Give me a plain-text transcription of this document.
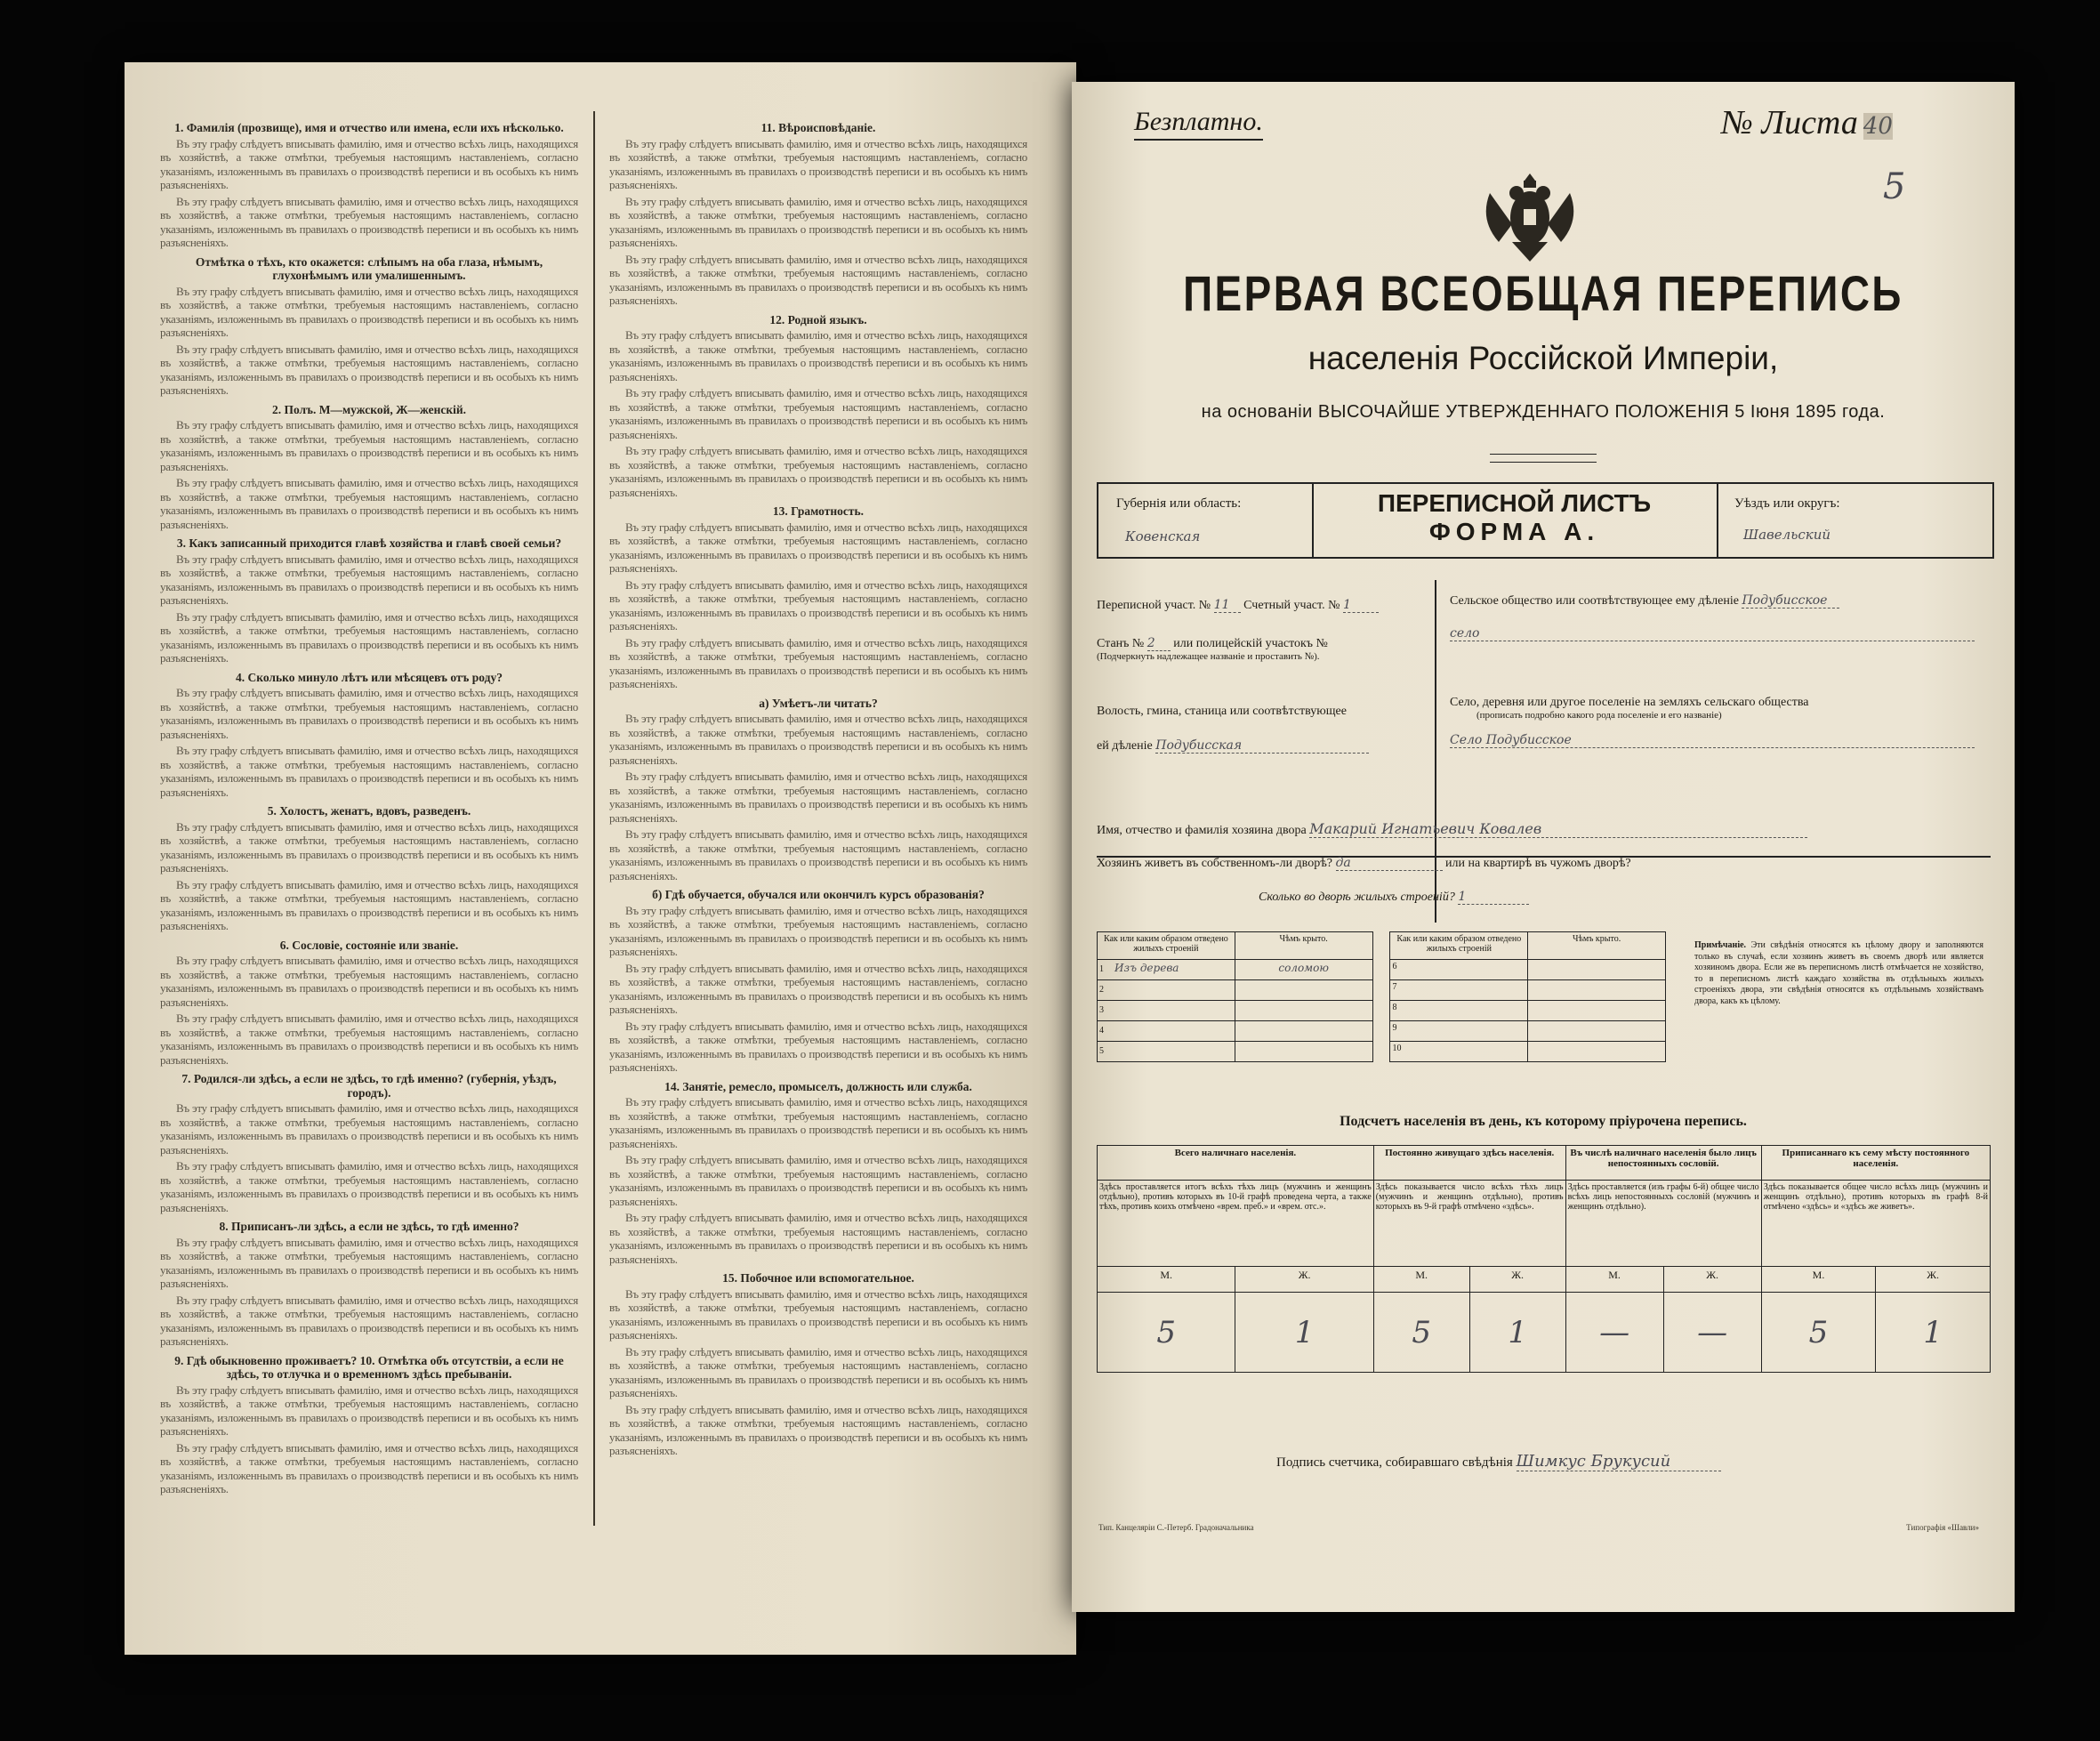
1. Фамилія (прозвище), имя и отчество или имена, если ихъ нѣсколько.
Въ эту графу слѣдуетъ вписывать фамилію, имя и отчество всѣхъ лицъ, находящихся въ хозяйствѣ, а также отмѣтки, требуемыя настоящимъ наставленіемъ, согласно указаніямъ, изложеннымъ въ правилахъ о производствѣ переписи и въ особыхъ къ нимъ разъясненіяхъ.
Въ эту графу слѣдуетъ вписывать фамилію, имя и отчество всѣхъ лицъ, находящихся въ хозяйствѣ, а также отмѣтки, требуемыя настоящимъ наставленіемъ, согласно указаніямъ, изложеннымъ въ правилахъ о производствѣ переписи и въ особыхъ къ нимъ разъясненіяхъ.
Отмѣтка о тѣхъ, кто окажется: слѣпымъ на оба глаза, нѣмымъ, глухонѣмымъ или умалишеннымъ.
Въ эту графу слѣдуетъ вписывать фамилію, имя и отчество всѣхъ лицъ, находящихся въ хозяйствѣ, а также отмѣтки, требуемыя настоящимъ наставленіемъ, согласно указаніямъ, изложеннымъ въ правилахъ о производствѣ переписи и въ особыхъ къ нимъ разъясненіяхъ.
Въ эту графу слѣдуетъ вписывать фамилію, имя и отчество всѣхъ лицъ, находящихся въ хозяйствѣ, а также отмѣтки, требуемыя настоящимъ наставленіемъ, согласно указаніямъ, изложеннымъ въ правилахъ о производствѣ переписи и въ особыхъ къ нимъ разъясненіяхъ.
2. Полъ. М—мужской, Ж—женскій.
Въ эту графу слѣдуетъ вписывать фамилію, имя и отчество всѣхъ лицъ, находящихся въ хозяйствѣ, а также отмѣтки, требуемыя настоящимъ наставленіемъ, согласно указаніямъ, изложеннымъ въ правилахъ о производствѣ переписи и въ особыхъ къ нимъ разъясненіяхъ.
Въ эту графу слѣдуетъ вписывать фамилію, имя и отчество всѣхъ лицъ, находящихся въ хозяйствѣ, а также отмѣтки, требуемыя настоящимъ наставленіемъ, согласно указаніямъ, изложеннымъ въ правилахъ о производствѣ переписи и въ особыхъ къ нимъ разъясненіяхъ.
3. Какъ записанный приходится главѣ хозяйства и главѣ своей семьи?
Въ эту графу слѣдуетъ вписывать фамилію, имя и отчество всѣхъ лицъ, находящихся въ хозяйствѣ, а также отмѣтки, требуемыя настоящимъ наставленіемъ, согласно указаніямъ, изложеннымъ въ правилахъ о производствѣ переписи и въ особыхъ къ нимъ разъясненіяхъ.
Въ эту графу слѣдуетъ вписывать фамилію, имя и отчество всѣхъ лицъ, находящихся въ хозяйствѣ, а также отмѣтки, требуемыя настоящимъ наставленіемъ, согласно указаніямъ, изложеннымъ въ правилахъ о производствѣ переписи и въ особыхъ къ нимъ разъясненіяхъ.
4. Сколько минуло лѣтъ или мѣсяцевъ отъ роду?
Въ эту графу слѣдуетъ вписывать фамилію, имя и отчество всѣхъ лицъ, находящихся въ хозяйствѣ, а также отмѣтки, требуемыя настоящимъ наставленіемъ, согласно указаніямъ, изложеннымъ въ правилахъ о производствѣ переписи и въ особыхъ къ нимъ разъясненіяхъ.
Въ эту графу слѣдуетъ вписывать фамилію, имя и отчество всѣхъ лицъ, находящихся въ хозяйствѣ, а также отмѣтки, требуемыя настоящимъ наставленіемъ, согласно указаніямъ, изложеннымъ въ правилахъ о производствѣ переписи и въ особыхъ къ нимъ разъясненіяхъ.
5. Холостъ, женатъ, вдовъ, разведенъ.
Въ эту графу слѣдуетъ вписывать фамилію, имя и отчество всѣхъ лицъ, находящихся въ хозяйствѣ, а также отмѣтки, требуемыя настоящимъ наставленіемъ, согласно указаніямъ, изложеннымъ въ правилахъ о производствѣ переписи и въ особыхъ къ нимъ разъясненіяхъ.
Въ эту графу слѣдуетъ вписывать фамилію, имя и отчество всѣхъ лицъ, находящихся въ хозяйствѣ, а также отмѣтки, требуемыя настоящимъ наставленіемъ, согласно указаніямъ, изложеннымъ въ правилахъ о производствѣ переписи и въ особыхъ къ нимъ разъясненіяхъ.
6. Сословіе, состояніе или званіе.
Въ эту графу слѣдуетъ вписывать фамилію, имя и отчество всѣхъ лицъ, находящихся въ хозяйствѣ, а также отмѣтки, требуемыя настоящимъ наставленіемъ, согласно указаніямъ, изложеннымъ въ правилахъ о производствѣ переписи и въ особыхъ къ нимъ разъясненіяхъ.
Въ эту графу слѣдуетъ вписывать фамилію, имя и отчество всѣхъ лицъ, находящихся въ хозяйствѣ, а также отмѣтки, требуемыя настоящимъ наставленіемъ, согласно указаніямъ, изложеннымъ въ правилахъ о производствѣ переписи и въ особыхъ къ нимъ разъясненіяхъ.
7. Родился-ли здѣсь, а если не здѣсь, то гдѣ именно? (губернія, уѣздъ, городъ).
Въ эту графу слѣдуетъ вписывать фамилію, имя и отчество всѣхъ лицъ, находящихся въ хозяйствѣ, а также отмѣтки, требуемыя настоящимъ наставленіемъ, согласно указаніямъ, изложеннымъ въ правилахъ о производствѣ переписи и въ особыхъ къ нимъ разъясненіяхъ.
Въ эту графу слѣдуетъ вписывать фамилію, имя и отчество всѣхъ лицъ, находящихся въ хозяйствѣ, а также отмѣтки, требуемыя настоящимъ наставленіемъ, согласно указаніямъ, изложеннымъ въ правилахъ о производствѣ переписи и въ особыхъ къ нимъ разъясненіяхъ.
8. Приписанъ-ли здѣсь, а если не здѣсь, то гдѣ именно?
Въ эту графу слѣдуетъ вписывать фамилію, имя и отчество всѣхъ лицъ, находящихся въ хозяйствѣ, а также отмѣтки, требуемыя настоящимъ наставленіемъ, согласно указаніямъ, изложеннымъ въ правилахъ о производствѣ переписи и въ особыхъ къ нимъ разъясненіяхъ.
Въ эту графу слѣдуетъ вписывать фамилію, имя и отчество всѣхъ лицъ, находящихся въ хозяйствѣ, а также отмѣтки, требуемыя настоящимъ наставленіемъ, согласно указаніямъ, изложеннымъ въ правилахъ о производствѣ переписи и въ особыхъ къ нимъ разъясненіяхъ.
9. Гдѣ обыкновенно проживаетъ? 10. Отмѣтка объ отсутствіи, а если не здѣсь, то отлучка и о временномъ здѣсь пребываніи.
Въ эту графу слѣдуетъ вписывать фамилію, имя и отчество всѣхъ лицъ, находящихся въ хозяйствѣ, а также отмѣтки, требуемыя настоящимъ наставленіемъ, согласно указаніямъ, изложеннымъ въ правилахъ о производствѣ переписи и въ особыхъ къ нимъ разъясненіяхъ.
Въ эту графу слѣдуетъ вписывать фамилію, имя и отчество всѣхъ лицъ, находящихся въ хозяйствѣ, а также отмѣтки, требуемыя настоящимъ наставленіемъ, согласно указаніямъ, изложеннымъ въ правилахъ о производствѣ переписи и въ особыхъ къ нимъ разъясненіяхъ.
11. Вѣроисповѣданіе.
Въ эту графу слѣдуетъ вписывать фамилію, имя и отчество всѣхъ лицъ, находящихся въ хозяйствѣ, а также отмѣтки, требуемыя настоящимъ наставленіемъ, согласно указаніямъ, изложеннымъ въ правилахъ о производствѣ переписи и въ особыхъ къ нимъ разъясненіяхъ.
Въ эту графу слѣдуетъ вписывать фамилію, имя и отчество всѣхъ лицъ, находящихся въ хозяйствѣ, а также отмѣтки, требуемыя настоящимъ наставленіемъ, согласно указаніямъ, изложеннымъ въ правилахъ о производствѣ переписи и въ особыхъ къ нимъ разъясненіяхъ.
Въ эту графу слѣдуетъ вписывать фамилію, имя и отчество всѣхъ лицъ, находящихся въ хозяйствѣ, а также отмѣтки, требуемыя настоящимъ наставленіемъ, согласно указаніямъ, изложеннымъ въ правилахъ о производствѣ переписи и въ особыхъ къ нимъ разъясненіяхъ.
12. Родной языкъ.
Въ эту графу слѣдуетъ вписывать фамилію, имя и отчество всѣхъ лицъ, находящихся въ хозяйствѣ, а также отмѣтки, требуемыя настоящимъ наставленіемъ, согласно указаніямъ, изложеннымъ въ правилахъ о производствѣ переписи и въ особыхъ къ нимъ разъясненіяхъ.
Въ эту графу слѣдуетъ вписывать фамилію, имя и отчество всѣхъ лицъ, находящихся въ хозяйствѣ, а также отмѣтки, требуемыя настоящимъ наставленіемъ, согласно указаніямъ, изложеннымъ въ правилахъ о производствѣ переписи и въ особыхъ къ нимъ разъясненіяхъ.
Въ эту графу слѣдуетъ вписывать фамилію, имя и отчество всѣхъ лицъ, находящихся въ хозяйствѣ, а также отмѣтки, требуемыя настоящимъ наставленіемъ, согласно указаніямъ, изложеннымъ въ правилахъ о производствѣ переписи и въ особыхъ къ нимъ разъясненіяхъ.
13. Грамотность.
Въ эту графу слѣдуетъ вписывать фамилію, имя и отчество всѣхъ лицъ, находящихся въ хозяйствѣ, а также отмѣтки, требуемыя настоящимъ наставленіемъ, согласно указаніямъ, изложеннымъ въ правилахъ о производствѣ переписи и въ особыхъ къ нимъ разъясненіяхъ.
Въ эту графу слѣдуетъ вписывать фамилію, имя и отчество всѣхъ лицъ, находящихся въ хозяйствѣ, а также отмѣтки, требуемыя настоящимъ наставленіемъ, согласно указаніямъ, изложеннымъ въ правилахъ о производствѣ переписи и въ особыхъ къ нимъ разъясненіяхъ.
Въ эту графу слѣдуетъ вписывать фамилію, имя и отчество всѣхъ лицъ, находящихся въ хозяйствѣ, а также отмѣтки, требуемыя настоящимъ наставленіемъ, согласно указаніямъ, изложеннымъ въ правилахъ о производствѣ переписи и въ особыхъ къ нимъ разъясненіяхъ.
а) Умѣетъ-ли читать?
Въ эту графу слѣдуетъ вписывать фамилію, имя и отчество всѣхъ лицъ, находящихся въ хозяйствѣ, а также отмѣтки, требуемыя настоящимъ наставленіемъ, согласно указаніямъ, изложеннымъ въ правилахъ о производствѣ переписи и въ особыхъ къ нимъ разъясненіяхъ.
Въ эту графу слѣдуетъ вписывать фамилію, имя и отчество всѣхъ лицъ, находящихся въ хозяйствѣ, а также отмѣтки, требуемыя настоящимъ наставленіемъ, согласно указаніямъ, изложеннымъ въ правилахъ о производствѣ переписи и въ особыхъ къ нимъ разъясненіяхъ.
Въ эту графу слѣдуетъ вписывать фамилію, имя и отчество всѣхъ лицъ, находящихся въ хозяйствѣ, а также отмѣтки, требуемыя настоящимъ наставленіемъ, согласно указаніямъ, изложеннымъ въ правилахъ о производствѣ переписи и въ особыхъ къ нимъ разъясненіяхъ.
б) Гдѣ обучается, обучался или окончилъ курсъ образованія?
Въ эту графу слѣдуетъ вписывать фамилію, имя и отчество всѣхъ лицъ, находящихся въ хозяйствѣ, а также отмѣтки, требуемыя настоящимъ наставленіемъ, согласно указаніямъ, изложеннымъ въ правилахъ о производствѣ переписи и въ особыхъ къ нимъ разъясненіяхъ.
Въ эту графу слѣдуетъ вписывать фамилію, имя и отчество всѣхъ лицъ, находящихся въ хозяйствѣ, а также отмѣтки, требуемыя настоящимъ наставленіемъ, согласно указаніямъ, изложеннымъ въ правилахъ о производствѣ переписи и въ особыхъ къ нимъ разъясненіяхъ.
Въ эту графу слѣдуетъ вписывать фамилію, имя и отчество всѣхъ лицъ, находящихся въ хозяйствѣ, а также отмѣтки, требуемыя настоящимъ наставленіемъ, согласно указаніямъ, изложеннымъ въ правилахъ о производствѣ переписи и въ особыхъ къ нимъ разъясненіяхъ.
14. Занятіе, ремесло, промыселъ, должность или служба.
Въ эту графу слѣдуетъ вписывать фамилію, имя и отчество всѣхъ лицъ, находящихся въ хозяйствѣ, а также отмѣтки, требуемыя настоящимъ наставленіемъ, согласно указаніямъ, изложеннымъ въ правилахъ о производствѣ переписи и въ особыхъ къ нимъ разъясненіяхъ.
Въ эту графу слѣдуетъ вписывать фамилію, имя и отчество всѣхъ лицъ, находящихся въ хозяйствѣ, а также отмѣтки, требуемыя настоящимъ наставленіемъ, согласно указаніямъ, изложеннымъ въ правилахъ о производствѣ переписи и въ особыхъ къ нимъ разъясненіяхъ.
Въ эту графу слѣдуетъ вписывать фамилію, имя и отчество всѣхъ лицъ, находящихся въ хозяйствѣ, а также отмѣтки, требуемыя настоящимъ наставленіемъ, согласно указаніямъ, изложеннымъ въ правилахъ о производствѣ переписи и въ особыхъ къ нимъ разъясненіяхъ.
15. Побочное или вспомогательное.
Въ эту графу слѣдуетъ вписывать фамилію, имя и отчество всѣхъ лицъ, находящихся въ хозяйствѣ, а также отмѣтки, требуемыя настоящимъ наставленіемъ, согласно указаніямъ, изложеннымъ въ правилахъ о производствѣ переписи и въ особыхъ къ нимъ разъясненіяхъ.
Въ эту графу слѣдуетъ вписывать фамилію, имя и отчество всѣхъ лицъ, находящихся въ хозяйствѣ, а также отмѣтки, требуемыя настоящимъ наставленіемъ, согласно указаніямъ, изложеннымъ въ правилахъ о производствѣ переписи и въ особыхъ къ нимъ разъясненіяхъ.
Въ эту графу слѣдуетъ вписывать фамилію, имя и отчество всѣхъ лицъ, находящихся въ хозяйствѣ, а также отмѣтки, требуемыя настоящимъ наставленіемъ, согласно указаніямъ, изложеннымъ въ правилахъ о производствѣ переписи и въ особыхъ къ нимъ разъясненіяхъ.
Безплатно.	№ Листа 40
5
ПЕРВАЯ ВСЕОБЩАЯ ПЕРЕПИСЬ
населенія Россійской Имперіи,
на основаніи ВЫСОЧАЙШЕ УТВЕРЖДЕННАГО ПОЛОЖЕНІЯ 5 Іюня 1895 года.
Губернія или область:
Ковенская
ПЕРЕПИСНОЙ ЛИСТЪ
ФОРМА А.
Уѣздъ или округъ:
Шавельский
Переписной участ. № 11 Счетный участ. № 1
Станъ № 2 или полицейскій участокъ №
(Подчеркнуть надлежащее названіе и проставить №).
Волость, гмина, станица или соотвѣтствующее
ей дѣленіе Подубисская
Сельское общество или соотвѣтствующее ему дѣленіе Подубисское
село
Село, деревня или другое поселеніе на земляхъ сельскаго общества
(прописать подробно какого рода поселеніе и его названіе)
Село Подубисское
Имя, отчество и фамилія хозяина двора Макарий Игнатьевич Ковалев
Хозяинъ живетъ въ собственномъ-ли дворѣ? да	или на квартирѣ въ чужомъ дворѣ?
Сколько во дворѣ жилыхъ строеній? 1
Как или каким образом отведено жилыхъ строеній	Чѣмъ крыто.		Как или каким образом отведено жилыхъ строеній	Чѣмъ крыто.
1 Изъ дерева	соломою		6	
2			7	
3			8	
4			9	
5			10	
Примѣчаніе. Эти свѣдѣнія относятся къ цѣлому двору и заполняются только въ случаѣ, если хозяинъ живетъ въ своемъ дворѣ или является хозяиномъ двора. Если же въ переписномъ листѣ отмѣчается не хозяйство, то в переписномъ листѣ каждаго хозяйства въ отдѣльныхъ жилыхъ строеніяхъ двора, эти свѣдѣнія относятся къ отдѣльнымъ хозяйствамъ двора, какъ къ цѣлому.
Подсчетъ населенія въ день, къ которому пріурочена перепись.
Всего наличнаго населенія.		Постоянно живущаго здѣсь населенія.		Въ числѣ наличнаго населенія было лицъ непостоянныхъ сословій.		Приписаннаго къ сему мѣсту постоянного населенія.	
Здѣсь проставляется итогъ всѣхъ тѣхъ лицъ (мужчинъ и женщинъ отдѣльно), противъ которыхъ въ 10-й графѣ проведена черта, а также тѣхъ, противъ коихъ отмѣчено «врем. преб.» и «врем. отс.».		Здѣсь показывается число всѣхъ тѣхъ лицъ (мужчинъ и женщинъ отдѣльно), противъ которыхъ въ 9-й графѣ отмѣчено «здѣсь».		Здѣсь проставляется (изъ графы 6-й) общее число всѣхъ лицъ непостоянныхъ сословій (мужчинъ и женщинъ отдѣльно).		Здѣсь показывается общее число всѣхъ лицъ (мужчинъ и женщинъ отдѣльно), противъ которыхъ въ графѣ 8-й отмѣчено «здѣсь» и «здѣсь же живетъ».	
М.	Ж.	М.	Ж.	М.	Ж.	М.	Ж.
5	1	5	1	—	—	5	1
Подпись счетчика, собиравшаго свѣдѣнія Шимкус Брукусий
Тип. Канцеляріи С.-Петерб. Градоначальника	Типографія «Шавли»
